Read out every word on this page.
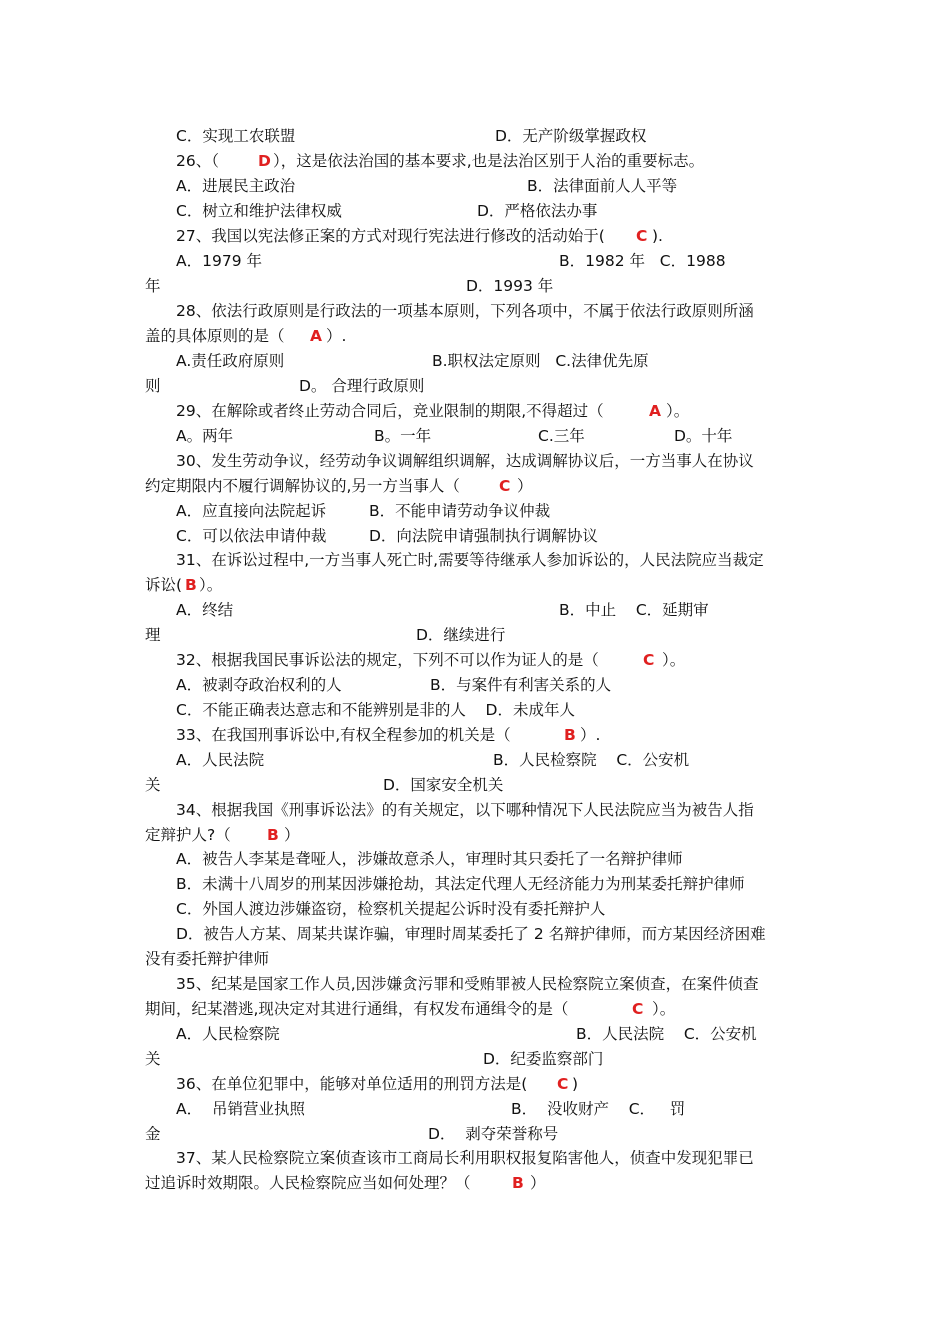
C．实现工农联盟	D．无产阶级掌握政权
26、（	D ），这是依法治国的基本要求,也是法治区别于人治的重要标志。
A．进展民主政治	B．法律面前人人平等
C．树立和维护法律权威	D．严格依法办事
27、我国以宪法修正案的方式对现行宪法进行修改的活动始于( C ).
A．1979 年	B．1982 年   C．1988
年	D．1993 年
28、依法行政原则是行政法的一项基本原则，下列各项中，不属于依法行政原则所涵
盖的具体原则的是（ A ）.
A.责任政府原则	B.职权法定原则   C.法律优先原
则	D。 合理行政原则
29、在解除或者终止劳动合同后，竞业限制的期限,不得超过（	A ）。
A。两年	B。一年	C.三年	D。十年
30、发生劳动争议，经劳动争议调解组织调解，达成调解协议后，一方当事人在协议
约定期限内不履行调解协议的,另一方当事人（	C ）
A．应直接向法院起诉	B．不能申请劳动争议仲裁
C．可以依法申请仲裁	D．向法院申请强制执行调解协议
31、在诉讼过程中,一方当事人死亡时,需要等待继承人参加诉讼的，人民法院应当裁定
诉讼( B ）。
A．终结	B．中止    C．延期审
理	D．继续进行
32、根据我国民事诉讼法的规定，下列不可以作为证人的是（	C ）。
A．被剥夺政治权利的人	B．与案件有利害关系的人
C．不能正确表达意志和不能辨别是非的人    D．未成年人
33、在我国刑事诉讼中,有权全程参加的机关是（	B ）.
A．人民法院	B．人民检察院    C．公安机
关	D．国家安全机关
34、根据我国《刑事诉讼法》的有关规定，以下哪种情况下人民法院应当为被告人指
定辩护人?（ B ）
A．被告人李某是聋哑人，涉嫌故意杀人，审理时其只委托了一名辩护律师
B．未满十八周岁的刑某因涉嫌抢劫，其法定代理人无经济能力为刑某委托辩护律师
C．外国人渡边涉嫌盗窃，检察机关提起公诉时没有委托辩护人
D．被告人方某、周某共谋诈骗，审理时周某委托了 2 名辩护律师，而方某因经济困难
没有委托辩护律师
35、纪某是国家工作人员,因涉嫌贪污罪和受贿罪被人民检察院立案侦查，在案件侦查
期间，纪某潜逃,现决定对其进行通缉，有权发布通缉令的是（	C ）。
A．人民检察院	B．人民法院    C．公安机
关	D．纪委监察部门
36、在单位犯罪中，能够对单位适用的刑罚方法是( C )
A．  吊销营业执照	B．  没收财产    C．   罚
金	D．  剥夺荣誉称号
37、某人民检察院立案侦查该市工商局长利用职权报复陷害他人，侦查中发现犯罪已
过追诉时效期限。人民检察院应当如何处理？（	B ）
